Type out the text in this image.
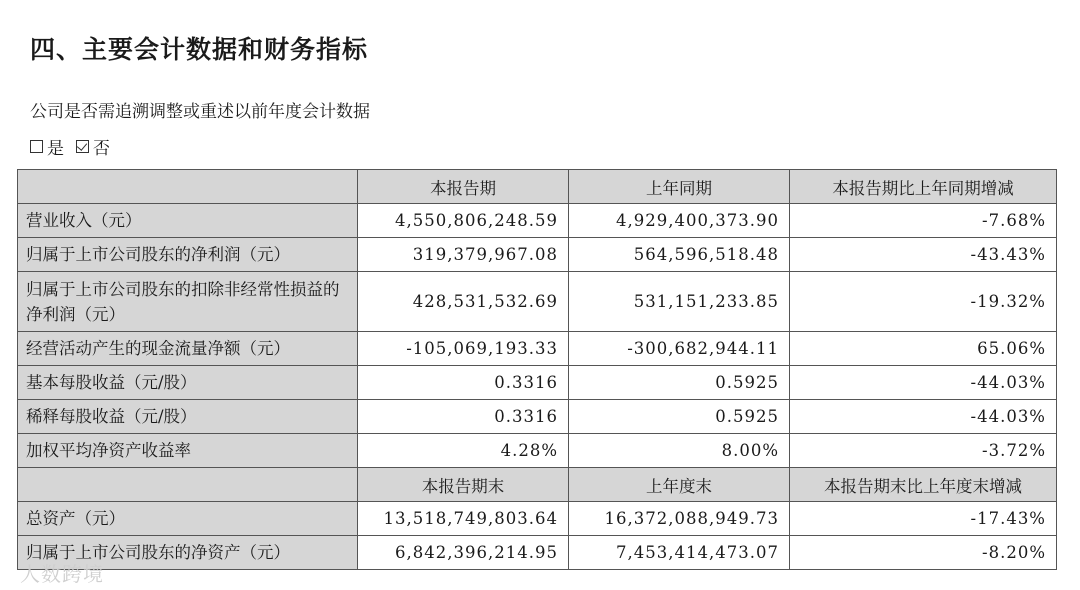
四、主要会计数据和财务指标
公司是否需追溯调整或重述以前年度会计数据
是 否
	本报告期	上年同期	本报告期比上年同期增减
营业收入（元）	4,550,806,248.59	4,929,400,373.90	-7.68%
归属于上市公司股东的净利润（元）	319,379,967.08	564,596,518.48	-43.43%
归属于上市公司股东的扣除非经常性损益的净利润（元）	428,531,532.69	531,151,233.85	-19.32%
经营活动产生的现金流量净额（元）	-105,069,193.33	-300,682,944.11	65.06%
基本每股收益（元/股）	0.3316	0.5925	-44.03%
稀释每股收益（元/股）	0.3316	0.5925	-44.03%
加权平均净资产收益率	4.28%	8.00%	-3.72%
	本报告期末	上年度末	本报告期末比上年度末增减
总资产（元）	13,518,749,803.64	16,372,088,949.73	-17.43%
归属于上市公司股东的净资产（元）	6,842,396,214.95	7,453,414,473.07	-8.20%
人数跨境
